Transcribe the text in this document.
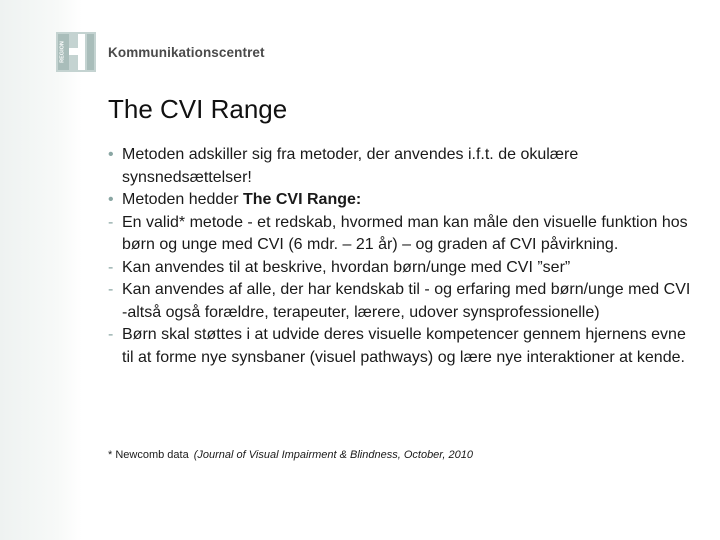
REGION	Kommunikationscentret
The CVI Range
• Metoden adskiller sig fra metoder, der anvendes i.f.t. de okulære synsnedsættelser!
• Metoden hedder The CVI Range:
- En valid* metode - et redskab, hvormed man kan måle den visuelle funktion hos børn og unge med CVI (6 mdr. – 21 år) – og graden af CVI påvirkning.
- Kan anvendes til at beskrive, hvordan børn/unge med CVI ”ser”
- Kan anvendes af alle, der har kendskab til - og erfaring med børn/unge med CVI -altså også forældre, terapeuter, lærere, udover synsprofessionelle)
- Børn skal støttes i at udvide deres visuelle kompetencer gennem hjernens evne til at forme nye synsbaner (visuel pathways) og lære nye interaktioner at kende.
* Newcomb data (Journal of Visual Impairment & Blindness, October, 2010
